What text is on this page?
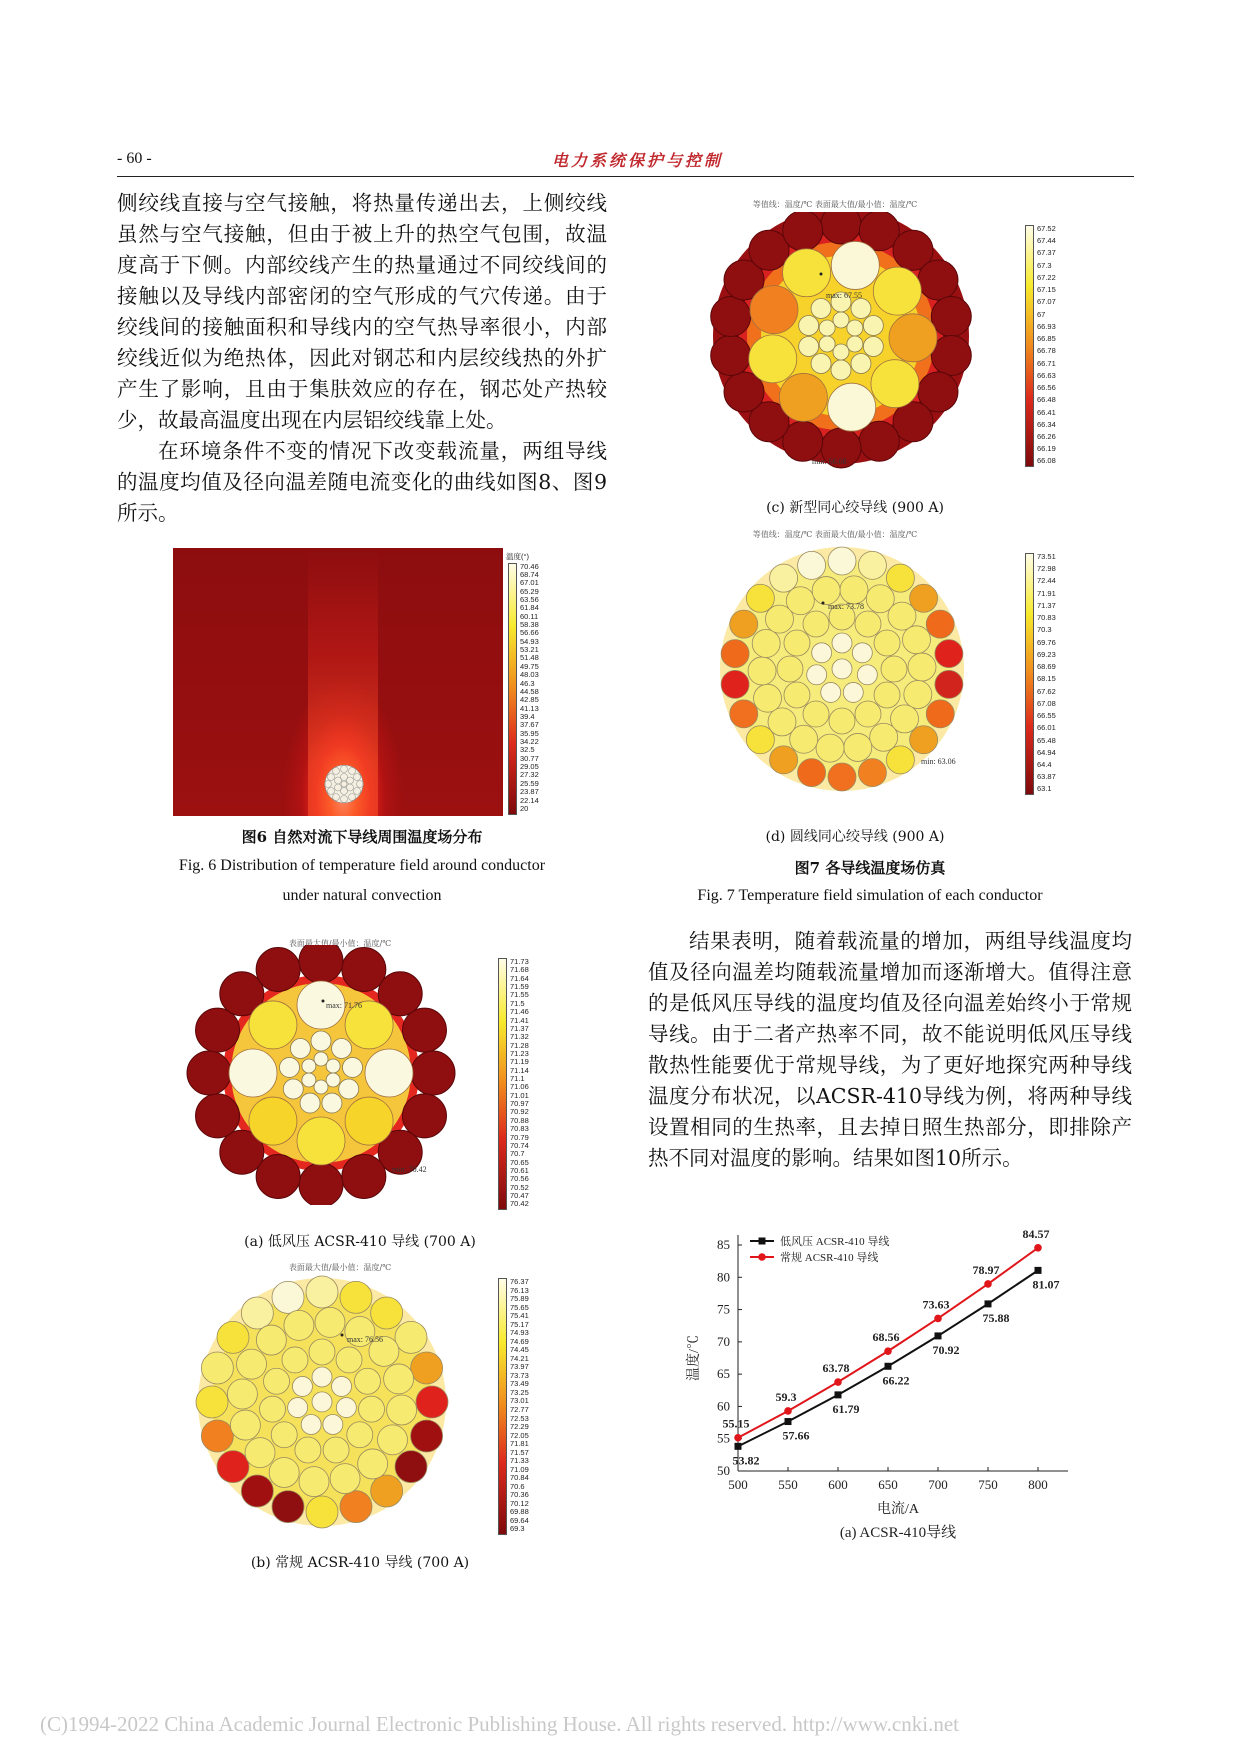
- 60 -	电力系统保护与控制

侧绞线直接与空气接触，将热量传递出去，上侧绞线虽然与空气接触，但由于被上升的热空气包围，故温度高于下侧。内部绞线产生的热量通过不同绞线间的接触以及导线内部密闭的空气形成的气穴传递。由于绞线间的接触面积和导线内的空气热导率很小，内部绞线近似为绝热体，因此对钢芯和内层绞线热的外扩产生了影响，且由于集肤效应的存在，钢芯处产热较少，故最高温度出现在内层铝绞线靠上处。

在环境条件不变的情况下改变载流量，两组导线的温度均值及径向温差随电流变化的曲线如图8、图9所示。

温度(°)
70.46
68.74
67.01
65.29
63.56
61.84
60.11
58.38
56.66
54.93
53.21
51.48
49.75
48.03
46.3
44.58
42.85
41.13
39.4
37.67
35.95
34.22
32.5
30.77
29.05
27.32
25.59
23.87
22.14
20
图6 自然对流下导线周围温度场分布
Fig. 6 Distribution of temperature field around conductor
under natural convection
等值线：温度/℃ 表面最大值/最小值：温度/℃
max: 67.55
min: 66.08
67.52
67.44
67.37
67.3
67.22
67.15
67.07
67
66.93
66.85
66.78
66.71
66.63
66.56
66.48
66.41
66.34
66.26
66.19
66.08
(c) 新型同心绞导线 (900 A)
等值线：温度/℃ 表面最大值/最小值：温度/℃
max: 73.78
min: 63.06
73.51
72.98
72.44
71.91
71.37
70.83
70.3
69.76
69.23
68.69
68.15
67.62
67.08
66.55
66.01
65.48
64.94
64.4
63.87
63.1
(d) 圆线同心绞导线 (900 A)
图7 各导线温度场仿真
Fig. 7 Temperature field simulation of each conductor
表面最大值/最小值：温度/℃
max: 71.76
min: 70.42
71.73
71.68
71.64
71.59
71.55
71.5
71.46
71.41
71.37
71.32
71.28
71.23
71.19
71.14
71.1
71.06
71.01
70.97
70.92
70.88
70.83
70.79
70.74
70.7
70.65
70.61
70.56
70.52
70.47
70.42
(a) 低风压 ACSR-410 导线 (700 A)
表面最大值/最小值：温度/℃
max: 76.56
76.37
76.13
75.89
75.65
75.41
75.17
74.93
74.69
74.45
74.21
73.97
73.73
73.49
73.25
73.01
72.77
72.53
72.29
72.05
71.81
71.57
71.33
71.09
70.84
70.6
70.36
70.12
69.88
69.64
69.3
(b) 常规 ACSR-410 导线 (700 A)
结果表明，随着载流量的增加，两组导线温度均值及径向温差均随载流量增加而逐渐增大。值得注意的是低风压导线的温度均值及径向温差始终小于常规导线。由于二者产热率不同，故不能说明低风压导线散热性能要优于常规导线，为了更好地探究两种导线温度分布状况，以ACSR-410导线为例，将两种导线设置相同的生热率，且去掉日照生热部分，即排除产热不同对温度的影响。结果如图10所示。
50
55
60
65
70
75
80
85
500 550 600 650 700 750 800
电流/A
温度/℃
53.82
57.66
61.79
66.22
70.92
75.88
81.07
55.15
59.3
63.78
68.56
73.63
78.97
84.57
低风压 ACSR-410 导线
常规 ACSR-410 导线
(a) ACSR-410导线
(C)1994-2022 China Academic Journal Electronic Publishing House. All rights reserved. http://www.cnki.net
